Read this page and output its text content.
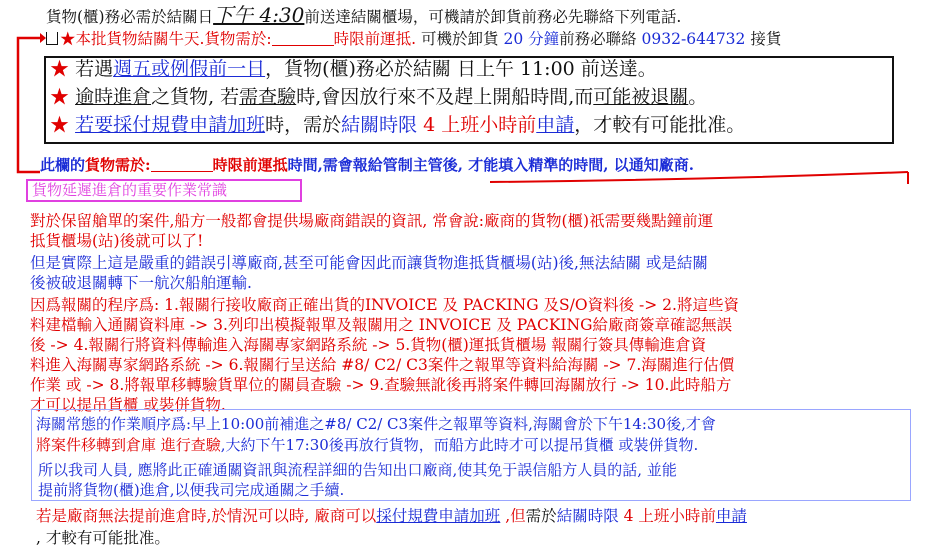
貨物(櫃)務必需於結關日下午 4:30前送達結關櫃場，可機請於卸貨前務必先聯絡下列電話.
★本批貨物結關牛天.貨物需於:	時限前運抵. 可機於卸貨 20 分鐘前務必聯絡 0932-644732 接貨
★ 若遇週五或例假前一日，貨物(櫃)務必於結關 日上午 11:00 前送達。
★ 逾時進倉之貨物, 若需查驗時,會因放行來不及趕上開船時間,而可能被退關。
★ 若要採付規費申請加班時，需於結關時限 4 上班小時前申請，才較有可能批准。
此欄的貨物需於:	時限前運抵時間,需會報給管制主管後, 才能填入精準的時間, 以通知廠商.
貨物延遲進倉的重要作業常識
對於保留艙單的案件,船方一般都會提供場廠商錯誤的資訊, 常會說:廠商的貨物(櫃)祇需要幾點鐘前運
抵貨櫃場(站)後就可以了!
但是實際上這是嚴重的錯誤引導廠商,甚至可能會因此而讓貨物進抵貨櫃場(站)後,無法結關 或是結關
後被破退關轉下一航次船舶運輸.
因爲報關的程序爲: 1.報關行接收廠商正確出貨的INVOICE 及 PACKING 及S/O資料後 -> 2.將這些資
料建檔輸入通關資料庫 -> 3.列印出模擬報單及報關用之 INVOICE 及 PACKING給廠商簽章確認無誤
後 -> 4.報關行將資料傳輸進入海關專家網路系統 -> 5.貨物(櫃)運抵貨櫃場 報關行簽具傳輸進倉資
料進入海關專家網路系統 -> 6.報關行呈送給 #8/ C2/ C3案件之報單等資料給海關 -> 7.海關進行估價
作業 或 -> 8.將報單移轉驗貨單位的關員查驗 -> 9.查驗無訛後再將案件轉回海關放行 -> 10.此時船方
才可以提吊貨櫃 或裝併貨物.
海關常態的作業順序爲:早上10:00前補進之#8/ C2/ C3案件之報單等資料,海關會於下午14:30後,才會
將案件移轉到倉庫 進行查驗,大約下午17:30後再放行貨物，而船方此時才可以提吊貨櫃 或裝併貨物.
所以我司人員, 應將此正確通關資訊與流程詳細的告知出口廠商,使其免于誤信船方人員的話, 並能
提前將貨物(櫃)進倉,以便我司完成通關之手續.
若是廠商無法提前進倉時,於情況可以時, 廠商可以採付規費申請加班 ,但需於結關時限 4 上班小時前申請
, 才較有可能批准。
